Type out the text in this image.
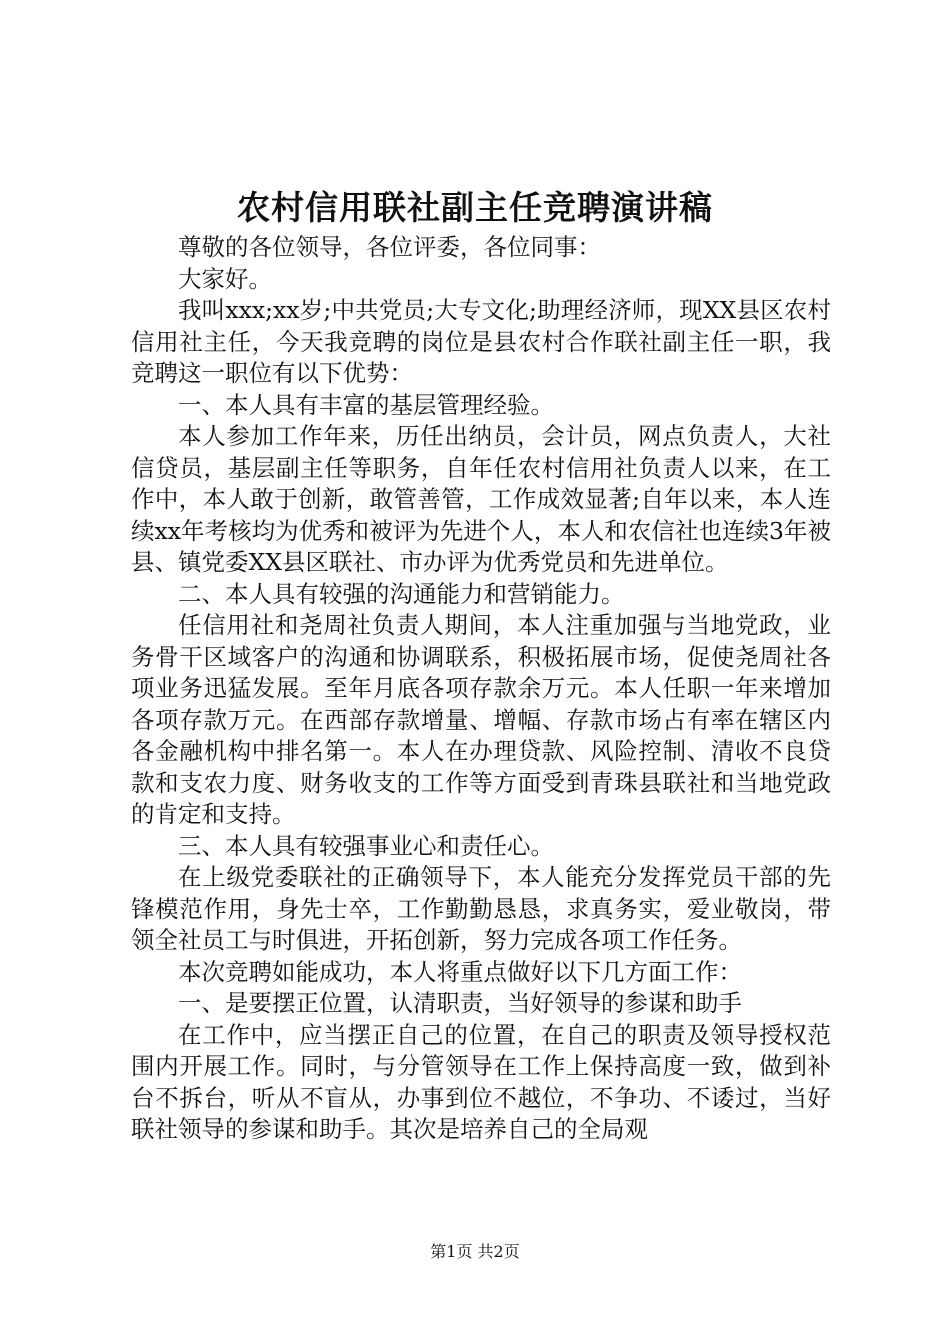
农村信用联社副主任竞聘演讲稿

尊敬的各位领导，各位评委，各位同事：

大家好。

我叫xxx;xx岁;中共党员;大专文化;助理经济师，现XX县区农村信用社主任，今天我竞聘的岗位是县农村合作联社副主任一职，我竞聘这一职位有以下优势：

一、本人具有丰富的基层管理经验。

本人参加工作年来，历任出纳员，会计员，网点负责人，大社信贷员，基层副主任等职务，自年任农村信用社负责人以来，在工作中，本人敢于创新，敢管善管，工作成效显著;自年以来，本人连续xx年考核均为优秀和被评为先进个人，本人和农信社也连续3年被县、镇党委XX县区联社、市办评为优秀党员和先进单位。

二、本人具有较强的沟通能力和营销能力。

任信用社和尧周社负责人期间，本人注重加强与当地党政，业务骨干区域客户的沟通和协调联系，积极拓展市场，促使尧周社各项业务迅猛发展。至年月底各项存款余万元。本人任职一年来增加各项存款万元。在西部存款增量、增幅、存款市场占有率在辖区内各金融机构中排名第一。本人在办理贷款、风险控制、清收不良贷款和支农力度、财务收支的工作等方面受到青珠县联社和当地党政的肯定和支持。

三、本人具有较强事业心和责任心。

在上级党委联社的正确领导下，本人能充分发挥党员干部的先锋模范作用，身先士卒，工作勤勤恳恳，求真务实，爱业敬岗，带领全社员工与时俱进，开拓创新，努力完成各项工作任务。

本次竞聘如能成功，本人将重点做好以下几方面工作：

一、是要摆正位置，认清职责，当好领导的参谋和助手

在工作中，应当摆正自己的位置，在自己的职责及领导授权范围内开展工作。同时，与分管领导在工作上保持高度一致，做到补台不拆台，听从不盲从，办事到位不越位，不争功、不诿过，当好联社领导的参谋和助手。其次是培养自己的全局观

第1页 共2页
